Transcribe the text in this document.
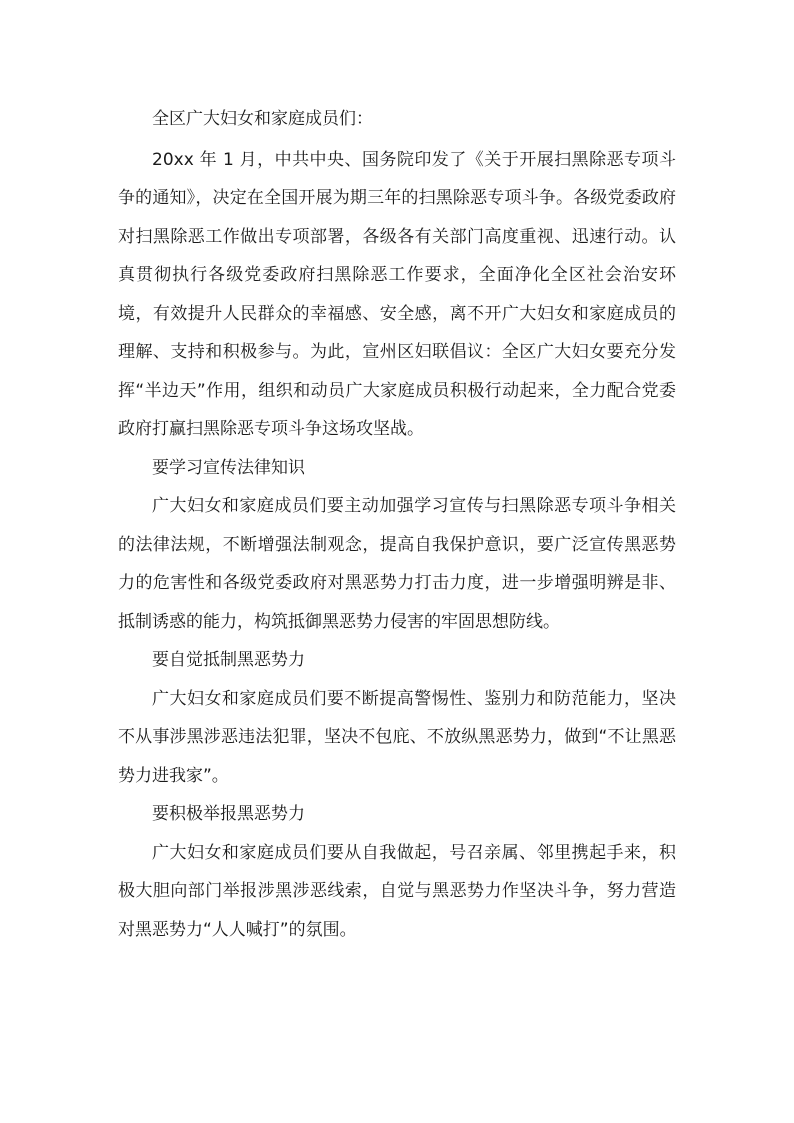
全区广大妇女和家庭成员们：

20xx 年 1 月，中共中央、国务院印发了《关于开展扫黑除恶专项斗争的通知》，决定在全国开展为期三年的扫黑除恶专项斗争。各级党委政府对扫黑除恶工作做出专项部署，各级各有关部门高度重视、迅速行动。认真贯彻执行各级党委政府扫黑除恶工作要求，全面净化全区社会治安环境，有效提升人民群众的幸福感、安全感，离不开广大妇女和家庭成员的理解、支持和积极参与。为此，宣州区妇联倡议：全区广大妇女要充分发挥“半边天”作用，组织和动员广大家庭成员积极行动起来，全力配合党委政府打赢扫黑除恶专项斗争这场攻坚战。

要学习宣传法律知识

广大妇女和家庭成员们要主动加强学习宣传与扫黑除恶专项斗争相关的法律法规，不断增强法制观念，提高自我保护意识，要广泛宣传黑恶势力的危害性和各级党委政府对黑恶势力打击力度，进一步增强明辨是非、抵制诱惑的能力，构筑抵御黑恶势力侵害的牢固思想防线。

要自觉抵制黑恶势力

广大妇女和家庭成员们要不断提高警惕性、鉴别力和防范能力，坚决不从事涉黑涉恶违法犯罪，坚决不包庇、不放纵黑恶势力，做到“不让黑恶势力进我家”。

要积极举报黑恶势力

广大妇女和家庭成员们要从自我做起，号召亲属、邻里携起手来，积极大胆向部门举报涉黑涉恶线索，自觉与黑恶势力作坚决斗争，努力营造对黑恶势力“人人喊打”的氛围。
